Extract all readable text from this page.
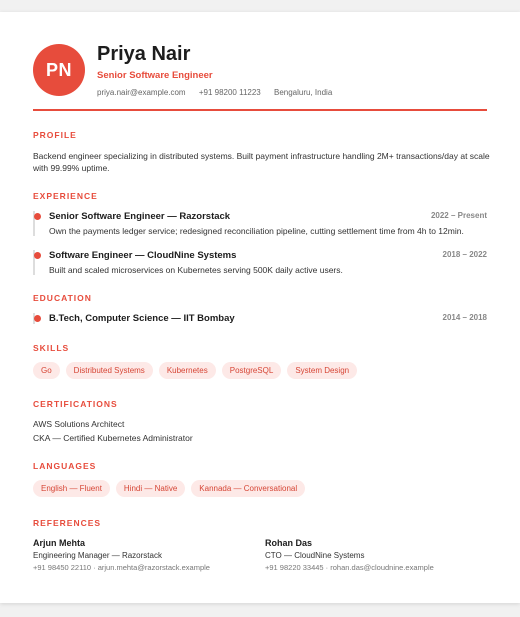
PN
Priya Nair
Senior Software Engineer
priya.nair@example.com +91 98200 11223 Bengaluru, India
PROFILE
Backend engineer specializing in distributed systems. Built payment infrastructure handling 2M+ transactions/day at scale with 99.99% uptime.
EXPERIENCE
Senior Software Engineer — Razorstack	2022 – Present
Own the payments ledger service; redesigned reconciliation pipeline, cutting settlement time from 4h to 12min.
Software Engineer — CloudNine Systems	2018 – 2022
Built and scaled microservices on Kubernetes serving 500K daily active users.
EDUCATION
B.Tech, Computer Science — IIT Bombay	2014 – 2018
SKILLS
Go	Distributed Systems	Kubernetes	PostgreSQL	System Design
CERTIFICATIONS
AWS Solutions Architect
CKA — Certified Kubernetes Administrator
LANGUAGES
English — Fluent	Hindi — Native	Kannada — Conversational
REFERENCES
Arjun Mehta
Engineering Manager — Razorstack
+91 98450 22110 · arjun.mehta@razorstack.example
Rohan Das
CTO — CloudNine Systems
+91 98220 33445 · rohan.das@cloudnine.example
